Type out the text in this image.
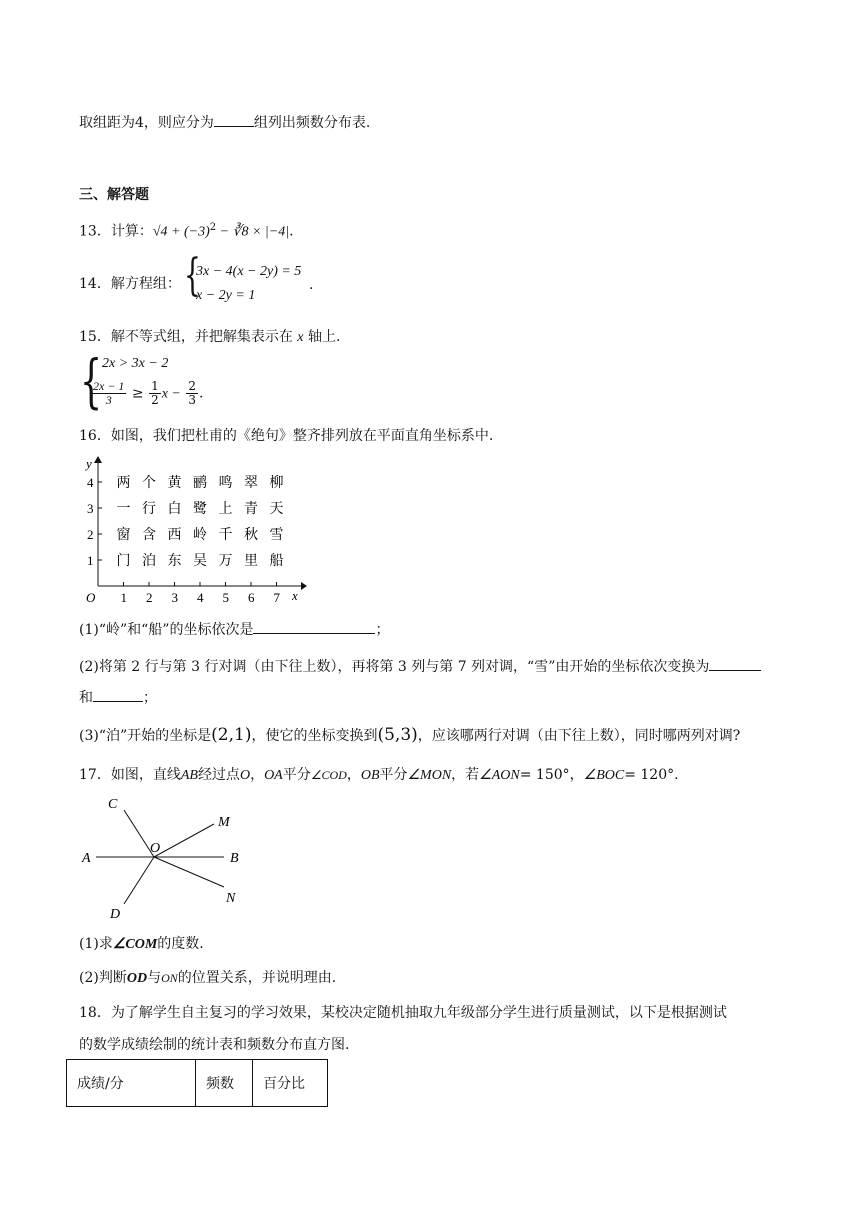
取组距为4，则应分为	组列出频数分布表.
三、解答题
13．计算：$√4 + (-3)^2$ − ∛8 × |−4|.
14．解方程组： {
3x − 4(x − 2y) = 5
x − 2y = 1
.
15．解不等式组，并把解集表示在 x 轴上.
{ 2x > 3x − 2
$\frac{2x - 1}{3} \ge \frac{1}{2}$ $x - \frac{2}{3}$ .
16．如图，我们把杜甫的《绝句》整齐排列放在平面直角坐标系中.
y
x
O 1 2 3 4 5 6 7
4
3
2
1
两 个 黄 鹂 鸣 翠 柳
一 行 白 鹭 上 青 天
窗 含 西 岭 千 秋 雪
门 泊 东 吴 万 里 船
(1)“岭”和“船”的坐标依次是	；
(2)将第 2 行与第 3 行对调（由下往上数），再将第 3 列与第 7 列对调，“雪”由开始的坐标依次变换为
和	；
(3)“泊”开始的坐标是(2,1)，使它的坐标变换到(5,3)，应该哪两行对调（由下往上数），同时哪两列对调?
17．如图，直线AB经过点O，OA平分∠COD，OB平分∠MON，若∠AON= 150°，∠BOC= 120°.
A	B
C
D
M
N
O
(1)求∠COM的度数.
(2)判断OD与ON的位置关系，并说明理由.
18．为了解学生自主复习的学习效果，某校决定随机抽取九年级部分学生进行质量测试，以下是根据测试
的数学成绩绘制的统计表和频数分布直方图.
成绩/分	频数	百分比
